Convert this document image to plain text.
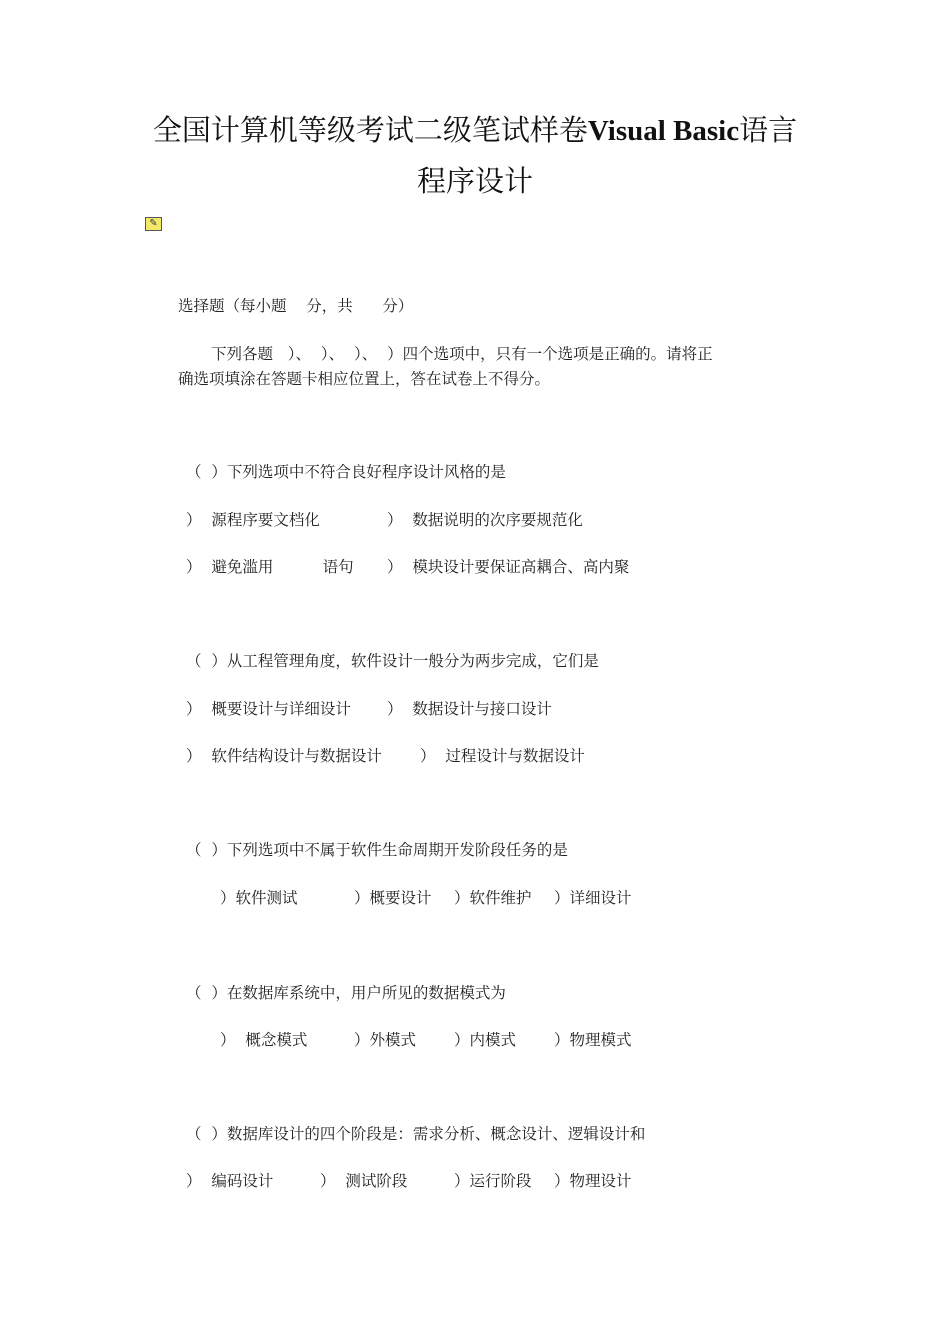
全国计算机等级考试二级笔试样卷Visual Basic语言
程序设计
✎
选择题（每小题    分，共      分）
下列各题   ）、  ）、  ）、  ）四个选项中，只有一个选项是正确的。请将正
确选项填涂在答题卡相应位置上，答在试卷上不得分。
（  ）下列选项中不符合良好程序设计风格的是

）  源程序要文档化

	）  数据说明的次序要规范化

）  避免滥用          语句

）  模块设计要保证高耦合、高内聚

（  ）从工程管理角度，软件设计一般分为两步完成，它们是

）  概要设计与详细设计

）  数据设计与接口设计

）  软件结构设计与数据设计

）  过程设计与数据设计

（  ）下列选项中不属于软件生命周期开发阶段任务的是

）软件测试

	）概要设计

）软件维护

）详细设计

（  ）在数据库系统中，用户所见的数据模式为

）  概念模式

	）外模式

）内模式

）物理模式

（  ）数据库设计的四个阶段是：需求分析、概念设计、逻辑设计和

）  编码设计

	）  测试阶段

	）运行阶段

）物理设计
